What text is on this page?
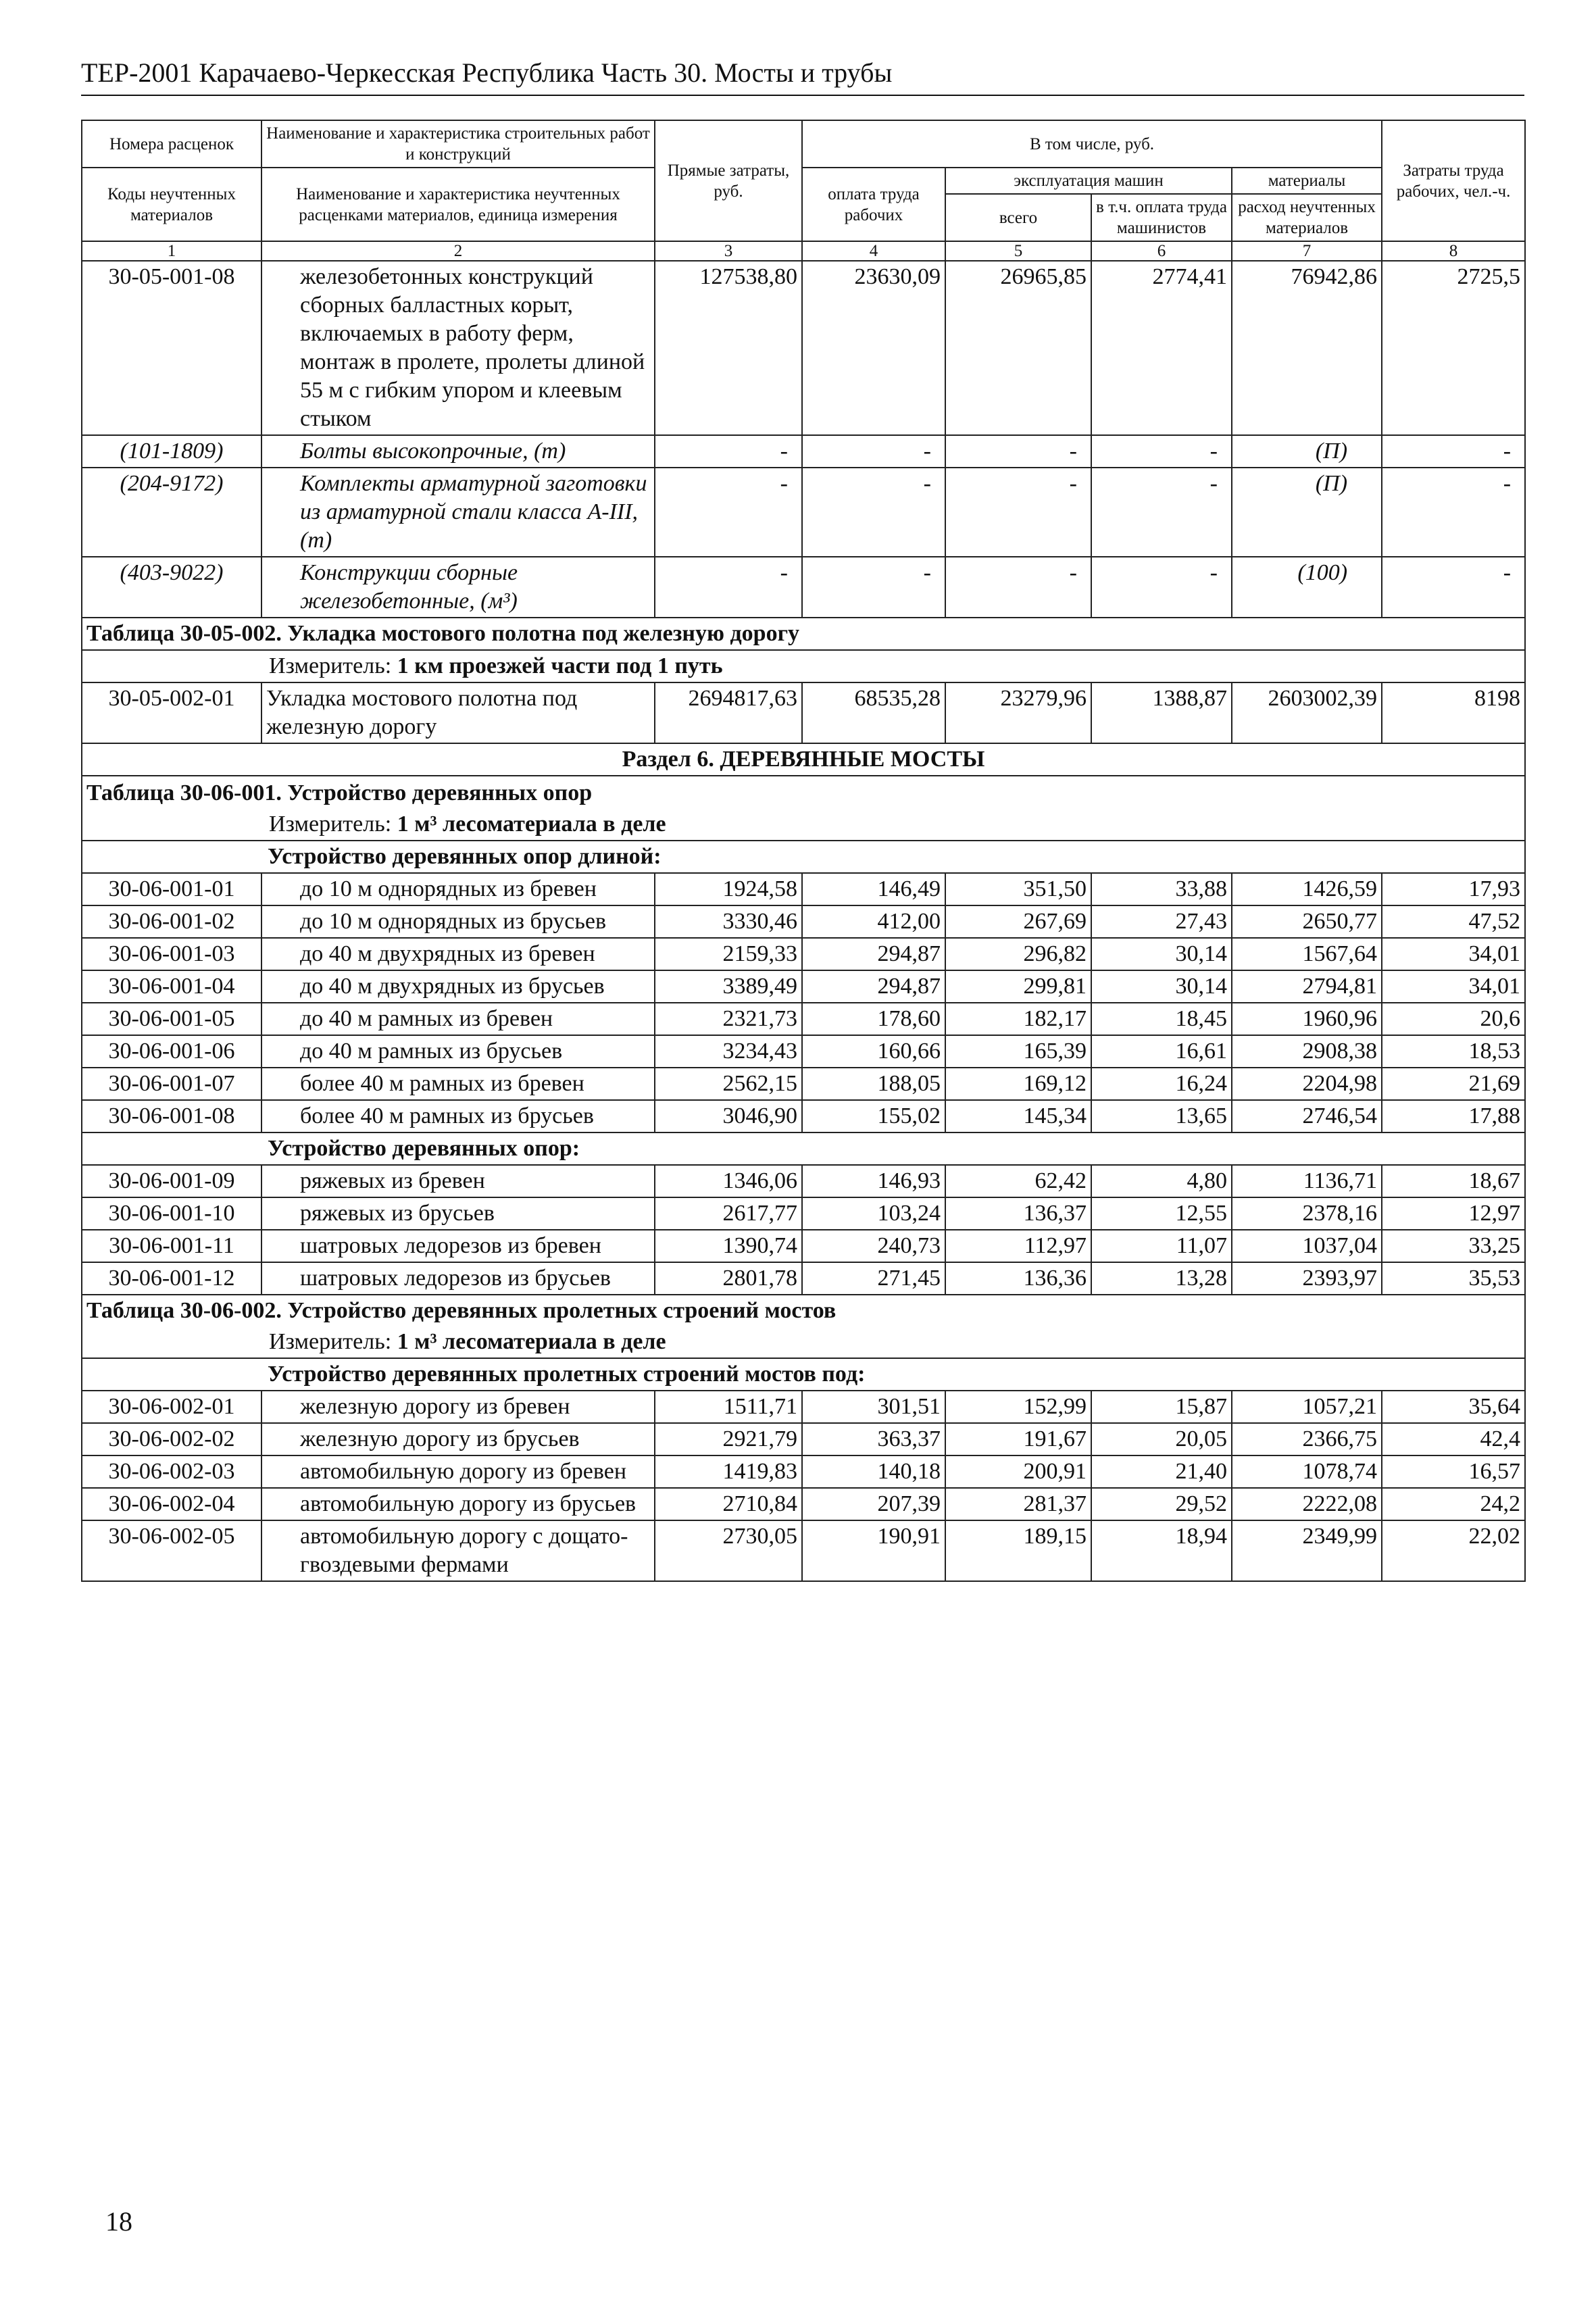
ТЕР-2001 Карачаево-Черкесская Республика Часть 30. Мосты и трубы
Номера расценок	Наименование и характеристика строительных работ и конструкций	Прямые затраты, руб.	В том числе, руб.				Затраты труда рабочих, чел.-ч.
Коды неучтенных материалов	Наименование и характеристика неучтенных расценками материалов, единица измерения		оплата труда рабочих	эксплуатация машин		материалы	
				всего	в т.ч. оплата труда машинистов	расход неучтенных материалов	

1	2	3	4	5	6	7	8
30-05-001-08	железобетонных конструкций сборных балластных корыт, включаемых в работу ферм, монтаж в пролете, пролеты длиной 55 м с гибким упором и клеевым стыком	127538,80	23630,09	26965,85	2774,41	76942,86	2725,5
(101-1809)	Болты высокопрочные, (т)	-	-	-	-	(П)	-
(204-9172)	Комплекты арматурной заготовки из арматурной стали класса А-III, (т)	-	-	-	-	(П)	-
(403-9022)	Конструкции сборные железобетонные, (м³)	-	-	-	-	(100)	-
Таблица 30-05-002. Укладка мостового полотна под железную дорогу							
Измеритель: 1 км проезжей части под 1 путь							
30-05-002-01	Укладка мостового полотна под железную дорогу	2694817,63	68535,28	23279,96	1388,87	2603002,39	8198
Раздел 6. ДЕРЕВЯННЫЕ МОСТЫ							
Таблица 30-06-001. Устройство деревянных опор							
Измеритель: 1 м³ лесоматериала в деле							
Устройство деревянных опор длиной:							
30-06-001-01	до 10 м однорядных из бревен	1924,58	146,49	351,50	33,88	1426,59	17,93
30-06-001-02	до 10 м однорядных из брусьев	3330,46	412,00	267,69	27,43	2650,77	47,52
30-06-001-03	до 40 м двухрядных из бревен	2159,33	294,87	296,82	30,14	1567,64	34,01
30-06-001-04	до 40 м двухрядных из брусьев	3389,49	294,87	299,81	30,14	2794,81	34,01
30-06-001-05	до 40 м рамных из бревен	2321,73	178,60	182,17	18,45	1960,96	20,6
30-06-001-06	до 40 м рамных из брусьев	3234,43	160,66	165,39	16,61	2908,38	18,53
30-06-001-07	более 40 м рамных из бревен	2562,15	188,05	169,12	16,24	2204,98	21,69
30-06-001-08	более 40 м рамных из брусьев	3046,90	155,02	145,34	13,65	2746,54	17,88
Устройство деревянных опор:							
30-06-001-09	ряжевых из бревен	1346,06	146,93	62,42	4,80	1136,71	18,67
30-06-001-10	ряжевых из брусьев	2617,77	103,24	136,37	12,55	2378,16	12,97
30-06-001-11	шатровых ледорезов из бревен	1390,74	240,73	112,97	11,07	1037,04	33,25
30-06-001-12	шатровых ледорезов из брусьев	2801,78	271,45	136,36	13,28	2393,97	35,53
Таблица 30-06-002. Устройство деревянных пролетных строений мостов							
Измеритель: 1 м³ лесоматериала в деле							
Устройство деревянных пролетных строений мостов под:							
30-06-002-01	железную дорогу из бревен	1511,71	301,51	152,99	15,87	1057,21	35,64
30-06-002-02	железную дорогу из брусьев	2921,79	363,37	191,67	20,05	2366,75	42,4
30-06-002-03	автомобильную дорогу из бревен	1419,83	140,18	200,91	21,40	1078,74	16,57
30-06-002-04	автомобильную дорогу из брусьев	2710,84	207,39	281,37	29,52	2222,08	24,2
30-06-002-05	автомобильную дорогу с дощато-гвоздевыми фермами	2730,05	190,91	189,15	18,94	2349,99	22,02
18
